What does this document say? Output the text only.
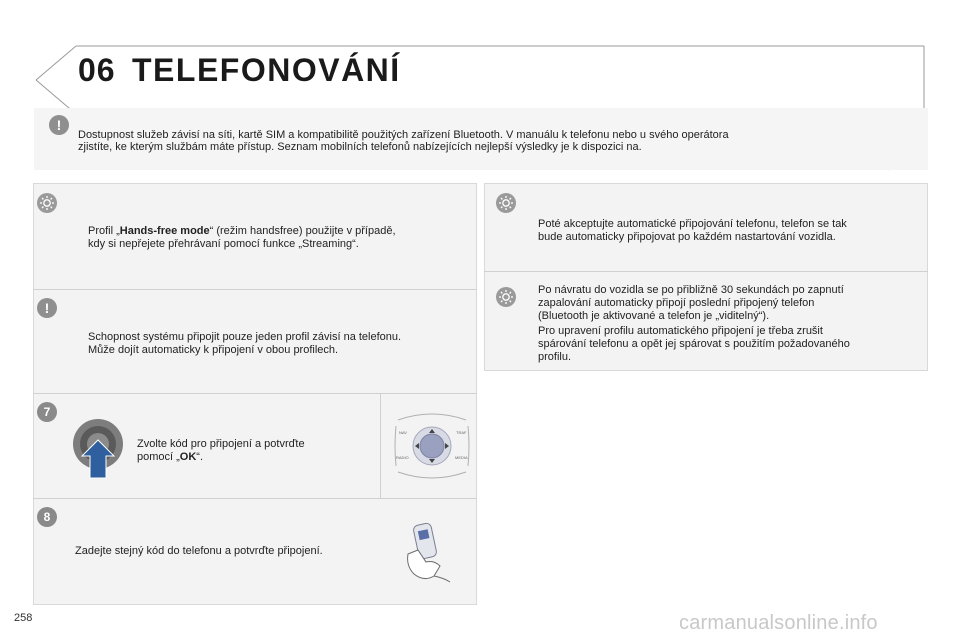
06 TELEFONOVÁNÍ
!
Dostupnost služeb závisí na síti, kartě SIM a kompatibilitě použitých zařízení Bluetooth. V manuálu k telefonu nebo u svého operátora
zjistíte, ke kterým službám máte přístup. Seznam mobilních telefonů nabízejících nejlepší výsledky je k dispozici na.
Profil „Hands-free mode“ (režim handsfree) použijte v případě,
kdy si nepřejete přehrávaní pomocí funkce „Streaming“.
!
Schopnost systému připojit pouze jeden profil závisí na telefonu.
Může dojít automaticky k připojení v obou profilech.
7
Zvolte kód pro připojení a potvrďte
pomocí „OK“.
NAV	TRAF
RADIO	MEDIA
8
Zadejte stejný kód do telefonu a potvrďte připojení.
Poté akceptujte automatické připojování telefonu, telefon se tak
bude automaticky připojovat po každém nastartování vozidla.
Po návratu do vozidla se po přibližně 30 sekundách po zapnutí
zapalování automaticky připojí poslední připojený telefon
(Bluetooth je aktivované a telefon je „viditelný“).
Pro upravení profilu automatického připojení je třeba zrušit
spárování telefonu a opět jej spárovat s použitím požadovaného
profilu.
258	carmanualsonline.info
